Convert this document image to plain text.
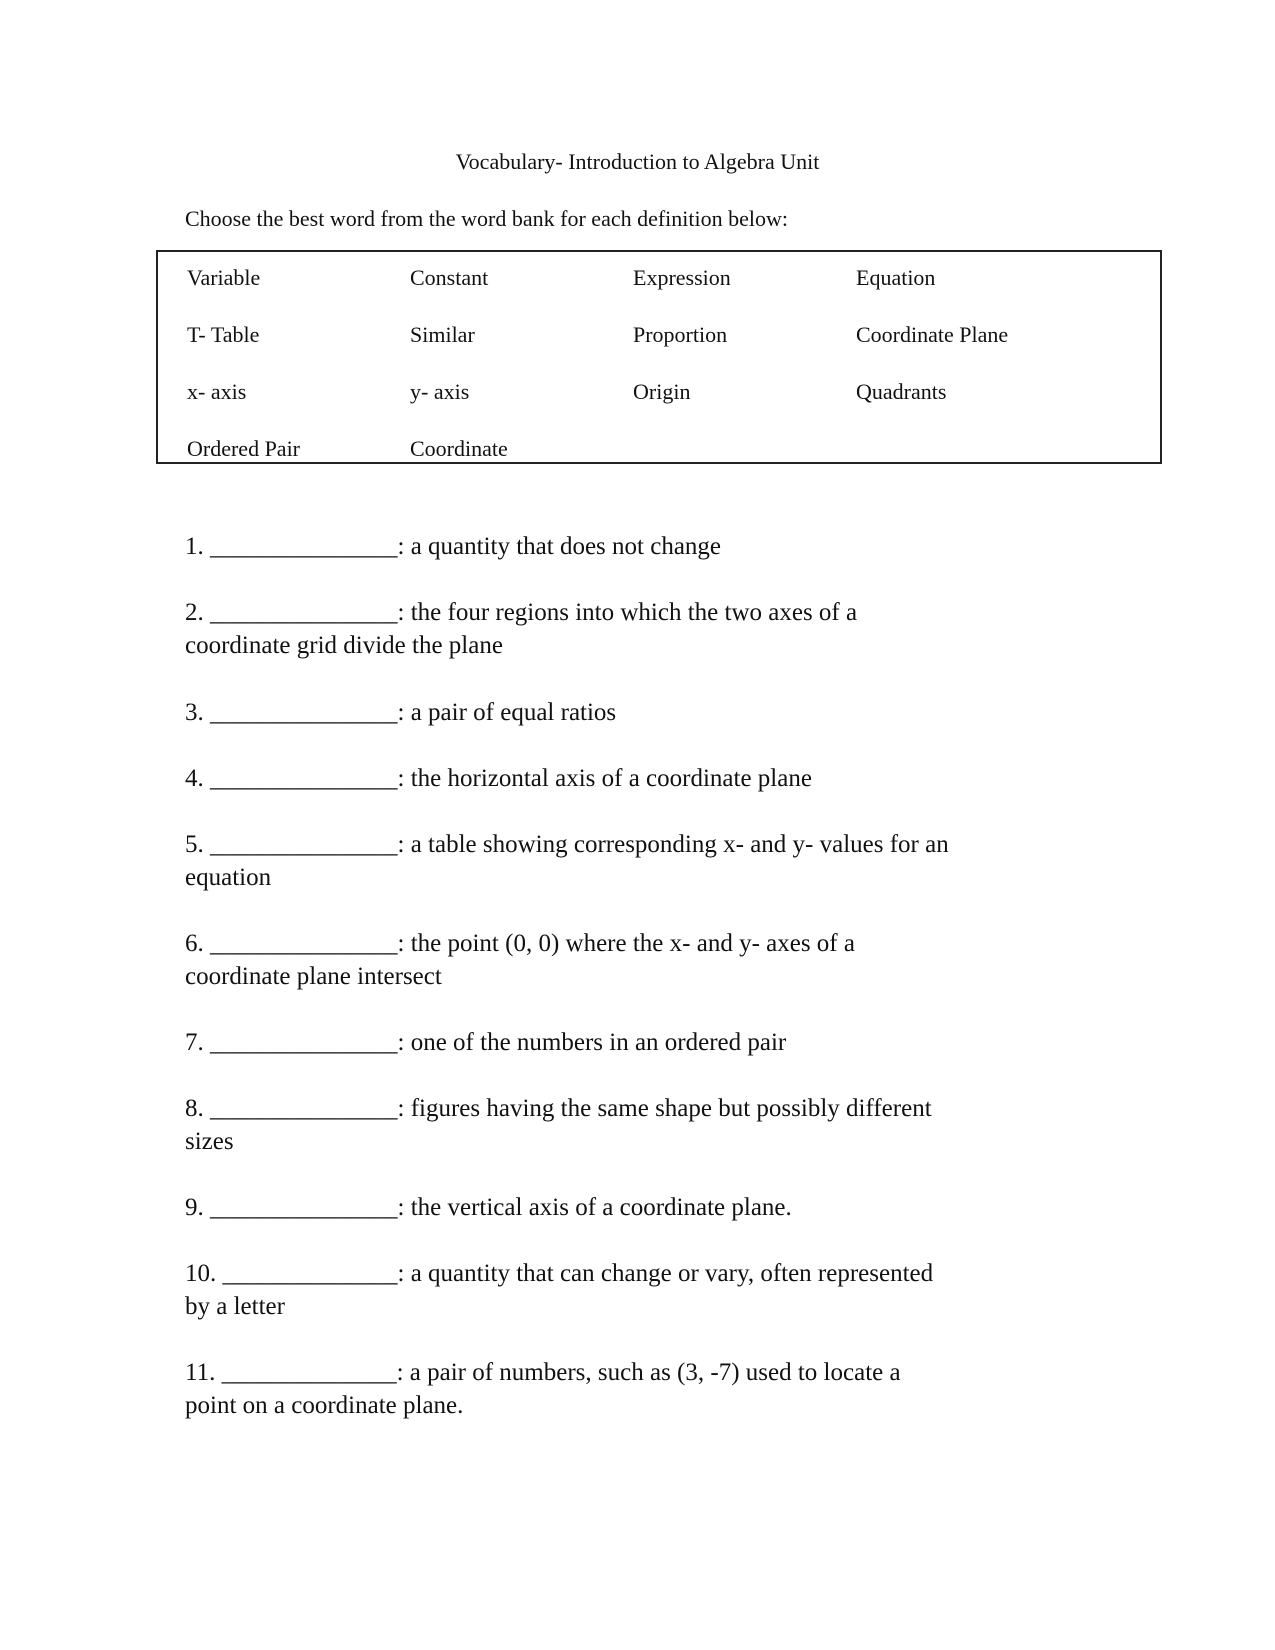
Vocabulary- Introduction to Algebra Unit
Choose the best word from the word bank for each definition below:
Variable	Constant	Expression	Equation
T- Table	Similar	Proportion	Coordinate Plane
x- axis	y- axis	Origin	Quadrants
Ordered Pair	Coordinate
1. _______________: a quantity that does not change
2. _______________: the four regions into which the two axes of a
coordinate grid divide the plane
3. _______________: a pair of equal ratios
4. _______________: the horizontal axis of a coordinate plane
5. _______________: a table showing corresponding x- and y- values for an
equation
6. _______________: the point (0, 0) where the x- and y- axes of a
coordinate plane intersect
7. _______________: one of the numbers in an ordered pair
8. _______________: figures having the same shape but possibly different
sizes
9. _______________: the vertical axis of a coordinate plane.
10. ______________: a quantity that can change or vary, often represented
by a letter
11. ______________: a pair of numbers, such as (3, -7) used to locate a
point on a coordinate plane.
